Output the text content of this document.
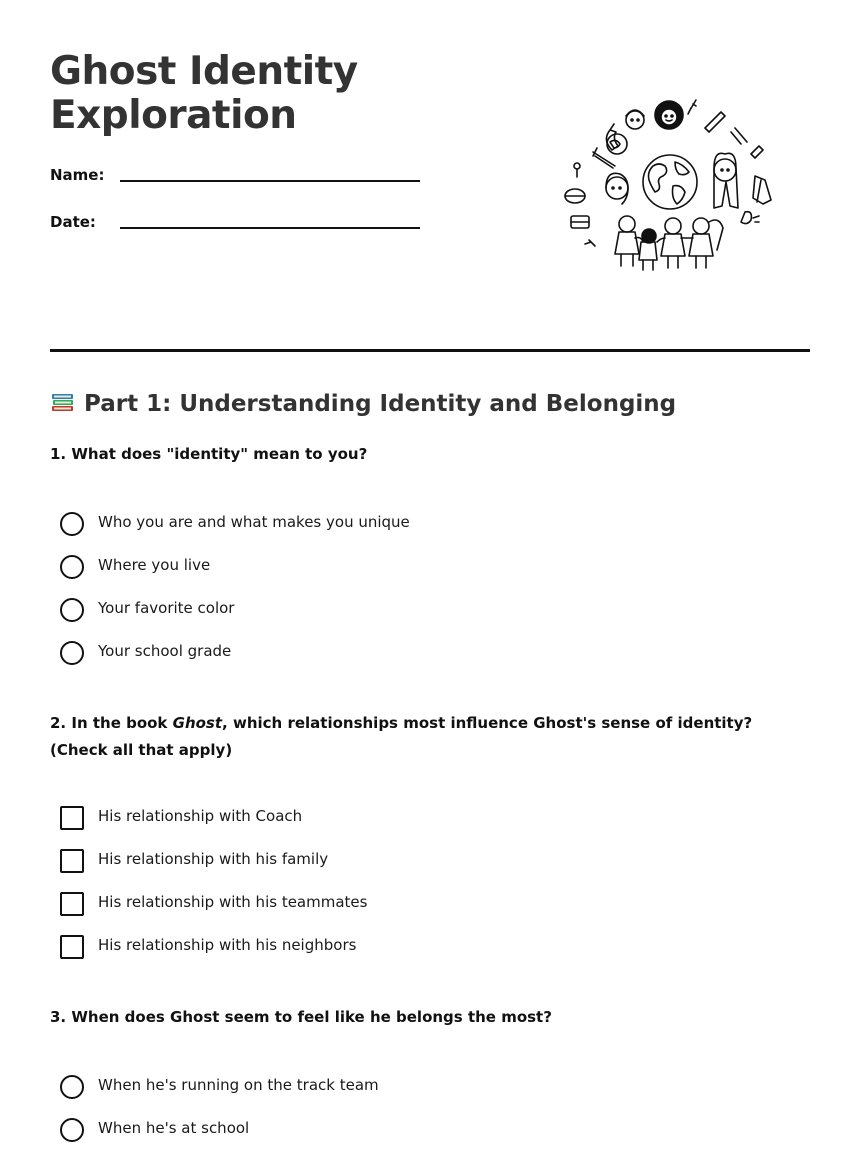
Ghost Identity Exploration
Name:
Date:
Part 1: Understanding Identity and Belonging

1. What does "identity" mean to you?

Who you are and what makes you unique
Where you live
Your favorite color
Your school grade

2. In the book Ghost, which relationships most influence Ghost's sense of identity? (Check all that apply)

His relationship with Coach
His relationship with his family
His relationship with his teammates
His relationship with his neighbors

3. When does Ghost seem to feel like he belongs the most?

When he's running on the track team
When he's at school
